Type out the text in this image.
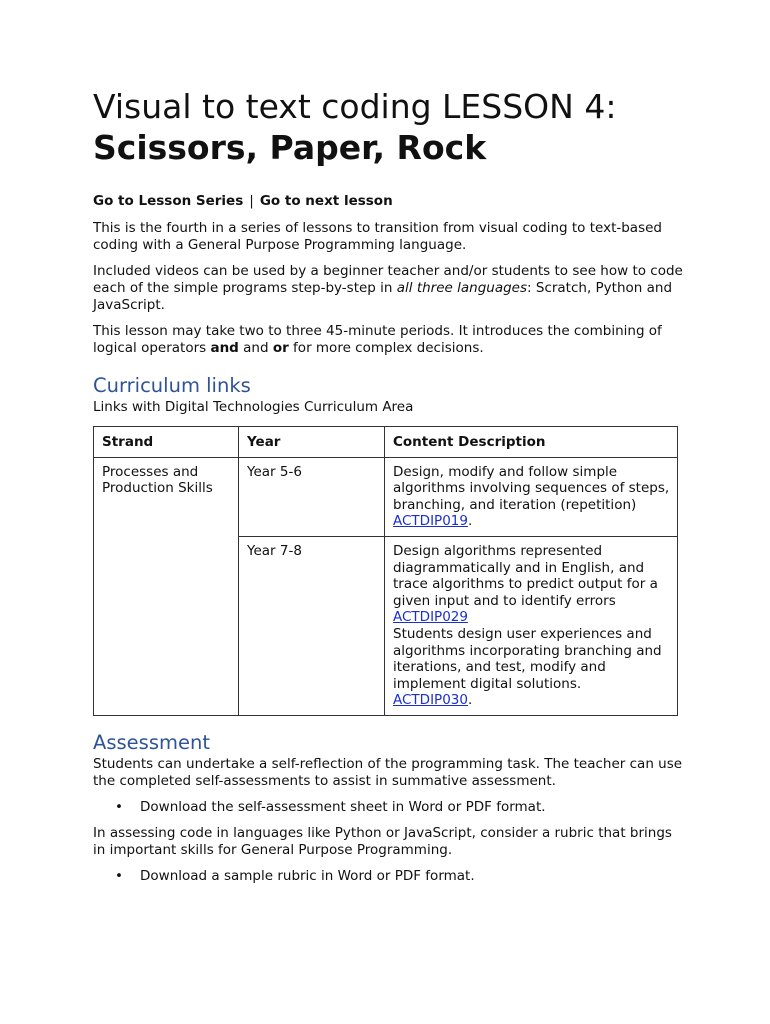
Visual to text coding LESSON 4:
Scissors, Paper, Rock
Go to Lesson Series | Go to next lesson

This is the fourth in a series of lessons to transition from visual coding to text-based coding with a General Purpose Programming language.

Included videos can be used by a beginner teacher and/or students to see how to code each of the simple programs step-by-step in all three languages: Scratch, Python and JavaScript.

This lesson may take two to three 45-minute periods. It introduces the combining of logical operators and and or for more complex decisions.

Curriculum links

Links with Digital Technologies Curriculum Area

Strand	Year	Content Description
Processes and Production Skills	Year 5-6	Design, modify and follow simple algorithms involving sequences of steps, branching, and iteration (repetition) ACTDIP019.
	Year 7-8	Design algorithms represented diagrammatically and in English, and trace algorithms to predict output for a given input and to identify errors
ACTDIP029
Students design user experiences and algorithms incorporating branching and iterations, and test, modify and implement digital solutions.
ACTDIP030.
Assessment

Students can undertake a self-reflection of the programming task. The teacher can use the completed self-assessments to assist in summative assessment.

• Download the self-assessment sheet in Word or PDF format.

In assessing code in languages like Python or JavaScript, consider a rubric that brings in important skills for General Purpose Programming.

• Download a sample rubric in Word or PDF format.
